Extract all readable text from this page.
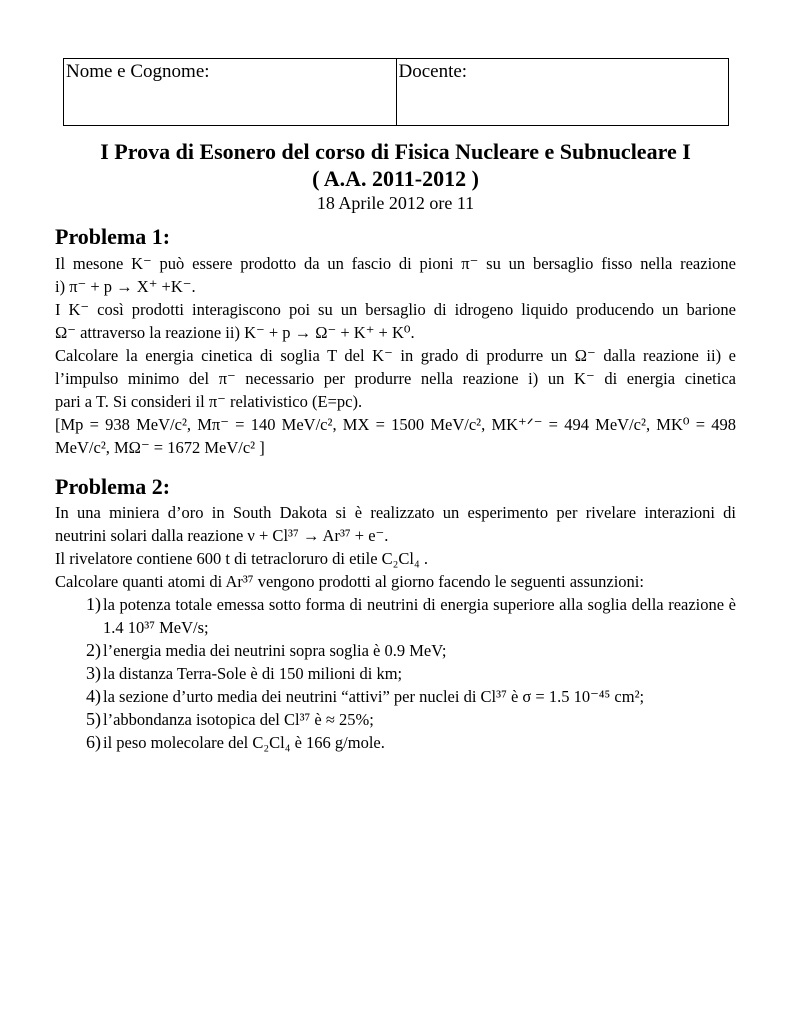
Nome e Cognome:	Docente:
I Prova di Esonero del corso di Fisica Nucleare e Subnucleare I
( A.A. 2011-2012 )
18 Aprile 2012 ore 11
Problema 1:
Il mesone K⁻ può essere prodotto da un fascio di pioni π⁻ su un bersaglio fisso nella reazione
i) π⁻ + p → X⁺ +K⁻.
I K⁻ così prodotti interagiscono poi su un bersaglio di idrogeno liquido producendo un barione
Ω⁻ attraverso la reazione ii) K⁻ + p → Ω⁻ + K⁺ + K⁰.
Calcolare la energia cinetica di soglia T del K⁻ in grado di produrre un Ω⁻ dalla reazione ii) e
l’impulso minimo del π⁻ necessario per produrre nella reazione i) un K⁻ di energia cinetica
pari a T. Si consideri il π⁻ relativistico (E=pc).
[Mp = 938 MeV/c², Mπ⁻ = 140 MeV/c², MX = 1500 MeV/c², MK⁺ᐟ⁻ = 494 MeV/c², MK⁰ = 498
MeV/c², MΩ⁻ = 1672 MeV/c² ]
Problema 2:
In una miniera d’oro in South Dakota si è realizzato un esperimento per rivelare interazioni di
neutrini solari dalla reazione ν + Cl³⁷ → Ar³⁷ + e⁻.
Il rivelatore contiene 600 t di tetracloruro di etile C₂Cl₄ .
Calcolare quanti atomi di Ar³⁷ vengono prodotti al giorno facendo le seguenti assunzioni:
1) la potenza totale emessa sotto forma di neutrini di energia superiore alla soglia della reazione è 1.4 10³⁷ MeV/s;
2) l’energia media dei neutrini sopra soglia è 0.9 MeV;
3) la distanza Terra-Sole è di 150 milioni di km;
4) la sezione d’urto media dei neutrini “attivi” per nuclei di Cl³⁷ è σ = 1.5 10⁻⁴⁵ cm²;
5) l’abbondanza isotopica del Cl³⁷ è ≈ 25%;
6) il peso molecolare del C₂Cl₄ è 166 g/mole.
